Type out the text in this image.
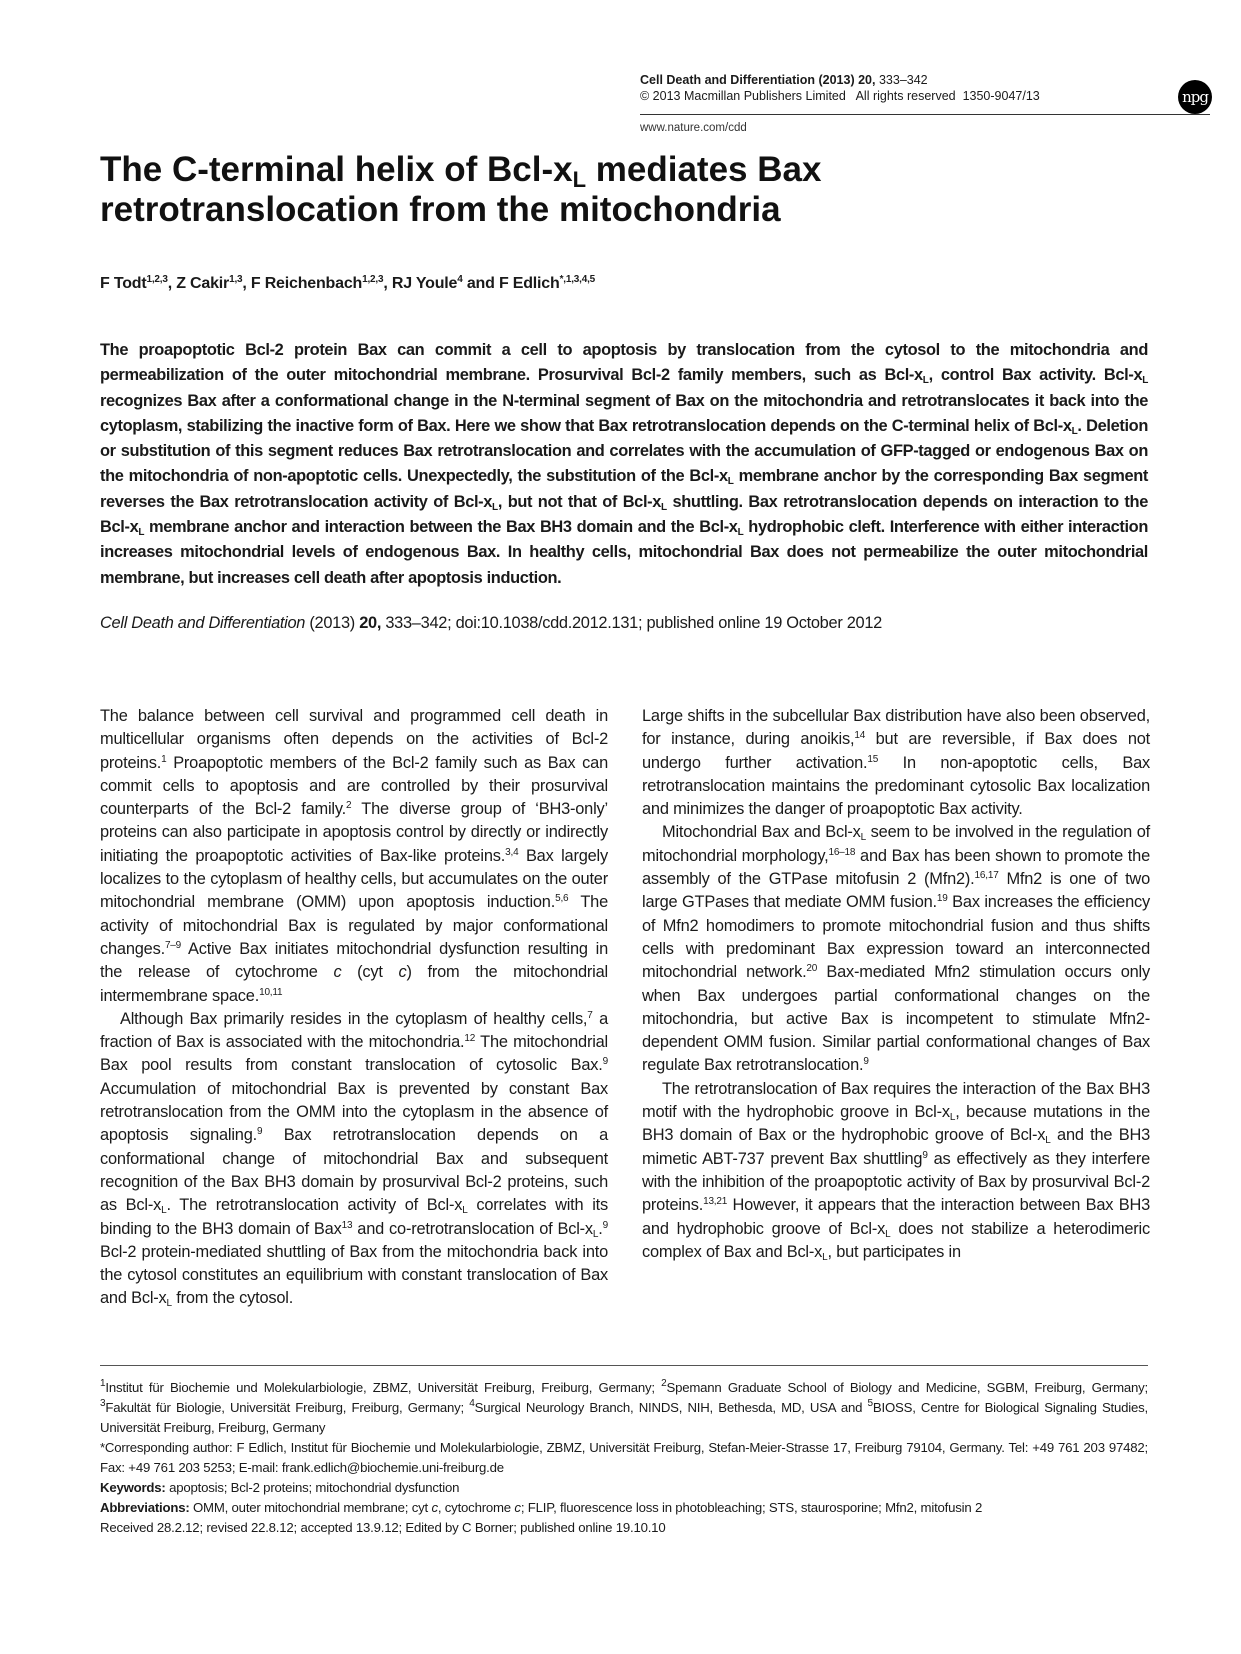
Cell Death and Differentiation (2013) 20, 333–342
© 2013 Macmillan Publishers Limited All rights reserved 1350-9047/13
www.nature.com/cdd
npg
The C-terminal helix of Bcl-$x_L$ mediates Bax
retrotranslocation from the mitochondria
F Todt$^{1,2,3}$, Z Cakir$^{1,3}$, F Reichenbach$^{1,2,3}$, RJ Youle$^4$ and F Edlich$^{*,1,3,4,5}$

The proapoptotic Bcl-2 protein Bax can commit a cell to apoptosis by translocation from the cytosol to the mitochondria and permeabilization of the outer mitochondrial membrane. Prosurvival Bcl-2 family members, such as Bcl-$x_L$, control Bax activity. Bcl-$x_L$ recognizes Bax after a conformational change in the N-terminal segment of Bax on the mitochondria and retrotranslocates it back into the cytoplasm, stabilizing the inactive form of Bax. Here we show that Bax retrotranslocation depends on the C-terminal helix of Bcl-$x_L$. Deletion or substitution of this segment reduces Bax retrotranslocation and correlates with the accumulation of GFP-tagged or endogenous Bax on the mitochondria of non-apoptotic cells. Unexpectedly, the substitution of the Bcl-$x_L$ membrane anchor by the corresponding Bax segment reverses the Bax retrotranslocation activity of Bcl-$x_L$, but not that of Bcl-$x_L$ shuttling. Bax retrotranslocation depends on interaction to the Bcl-$x_L$ membrane anchor and interaction between the Bax BH3 domain and the Bcl-$x_L$ hydrophobic cleft. Interference with either interaction increases mitochondrial levels of endogenous Bax. In healthy cells, mitochondrial Bax does not permeabilize the outer mitochondrial membrane, but increases cell death after apoptosis induction.

Cell Death and Differentiation (2013) 20, 333–342; doi:10.1038/cdd.2012.131; published online 19 October 2012

The balance between cell survival and programmed cell death in multicellular organisms often depends on the activities of Bcl-2 proteins.$^1$ Proapoptotic members of the Bcl-2 family such as Bax can commit cells to apoptosis and are controlled by their prosurvival counterparts of the Bcl-2 family.$^2$ The diverse group of ‘BH3-only’ proteins can also participate in apoptosis control by directly or indirectly initiating the proapoptotic activities of Bax-like proteins.$^{3,4}$ Bax largely localizes to the cytoplasm of healthy cells, but accumulates on the outer mitochondrial membrane (OMM) upon apoptosis induction.$^{5,6}$ The activity of mitochondrial Bax is regulated by major conformational changes.$^{7-9}$ Active Bax initiates mitochondrial dysfunction resulting in the release of cytochrome c (cyt c) from the mitochondrial intermembrane space.$^{10,11}$

Although Bax primarily resides in the cytoplasm of healthy cells,$^7$ a fraction of Bax is associated with the mitochondria.$^{12}$ The mitochondrial Bax pool results from constant translocation of cytosolic Bax.$^9$ Accumulation of mitochondrial Bax is prevented by constant Bax retrotranslocation from the OMM into the cytoplasm in the absence of apoptosis signaling.$^9$ Bax retrotranslocation depends on a conformational change of mitochondrial Bax and subsequent recognition of the Bax BH3 domain by prosurvival Bcl-2 proteins, such as Bcl-$x_L$. The retrotranslocation activity of Bcl-$x_L$ correlates with its binding to the BH3 domain of Bax$^{13}$ and co-retrotranslocation of Bcl-$x_L.^9$ Bcl-2 protein-mediated shuttling of Bax from the mitochondria back into the cytosol constitutes an equilibrium with constant translocation of Bax and Bcl-$x_L$ from the cytosol.

Large shifts in the subcellular Bax distribution have also been observed, for instance, during anoikis,$^{14}$ but are reversible, if Bax does not undergo further activation.$^{15}$ In non-apoptotic cells, Bax retrotranslocation maintains the predominant cytosolic Bax localization and minimizes the danger of proapoptotic Bax activity.

Mitochondrial Bax and Bcl-$x_L$ seem to be involved in the regulation of mitochondrial morphology,$^{16-18}$ and Bax has been shown to promote the assembly of the GTPase mitofusin 2 (Mfn2).$^{16,17}$ Mfn2 is one of two large GTPases that mediate OMM fusion.$^{19}$ Bax increases the efficiency of Mfn2 homodimers to promote mitochondrial fusion and thus shifts cells with predominant Bax expression toward an interconnected mitochondrial network.$^{20}$ Bax-mediated Mfn2 stimulation occurs only when Bax undergoes partial conformational changes on the mitochondria, but active Bax is incompetent to stimulate Mfn2-dependent OMM fusion. Similar partial conformational changes of Bax regulate Bax retrotranslocation.$^9$

The retrotranslocation of Bax requires the interaction of the Bax BH3 motif with the hydrophobic groove in Bcl-$x_L$, because mutations in the BH3 domain of Bax or the hydrophobic groove of Bcl-$x_L$ and the BH3 mimetic ABT-737 prevent Bax shuttling$^9$ as effectively as they interfere with the inhibition of the proapoptotic activity of Bax by prosurvival Bcl-2 proteins.$^{13,21}$ However, it appears that the interaction between Bax BH3 and hydrophobic groove of Bcl-$x_L$ does not stabilize a heterodimeric complex of Bax and Bcl-$x_L$, but participates in

$^1$Institut für Biochemie und Molekularbiologie, ZBMZ, Universität Freiburg, Freiburg, Germany; $^2$Spemann Graduate School of Biology and Medicine, SGBM, Freiburg, Germany; $^3$Fakultät für Biologie, Universität Freiburg, Freiburg, Germany; $^4$Surgical Neurology Branch, NINDS, NIH, Bethesda, MD, USA and $^5$BIOSS, Centre for Biological Signaling Studies, Universität Freiburg, Freiburg, Germany

*Corresponding author: F Edlich, Institut für Biochemie und Molekularbiologie, ZBMZ, Universität Freiburg, Stefan-Meier-Strasse 17, Freiburg 79104, Germany. Tel: +49 761 203 97482; Fax: +49 761 203 5253; E-mail: frank.edlich@biochemie.uni-freiburg.de

Keywords: apoptosis; Bcl-2 proteins; mitochondrial dysfunction

Abbreviations: OMM, outer mitochondrial membrane; cyt c, cytochrome c; FLIP, fluorescence loss in photobleaching; STS, staurosporine; Mfn2, mitofusin 2

Received 28.2.12; revised 22.8.12; accepted 13.9.12; Edited by C Borner; published online 19.10.10
